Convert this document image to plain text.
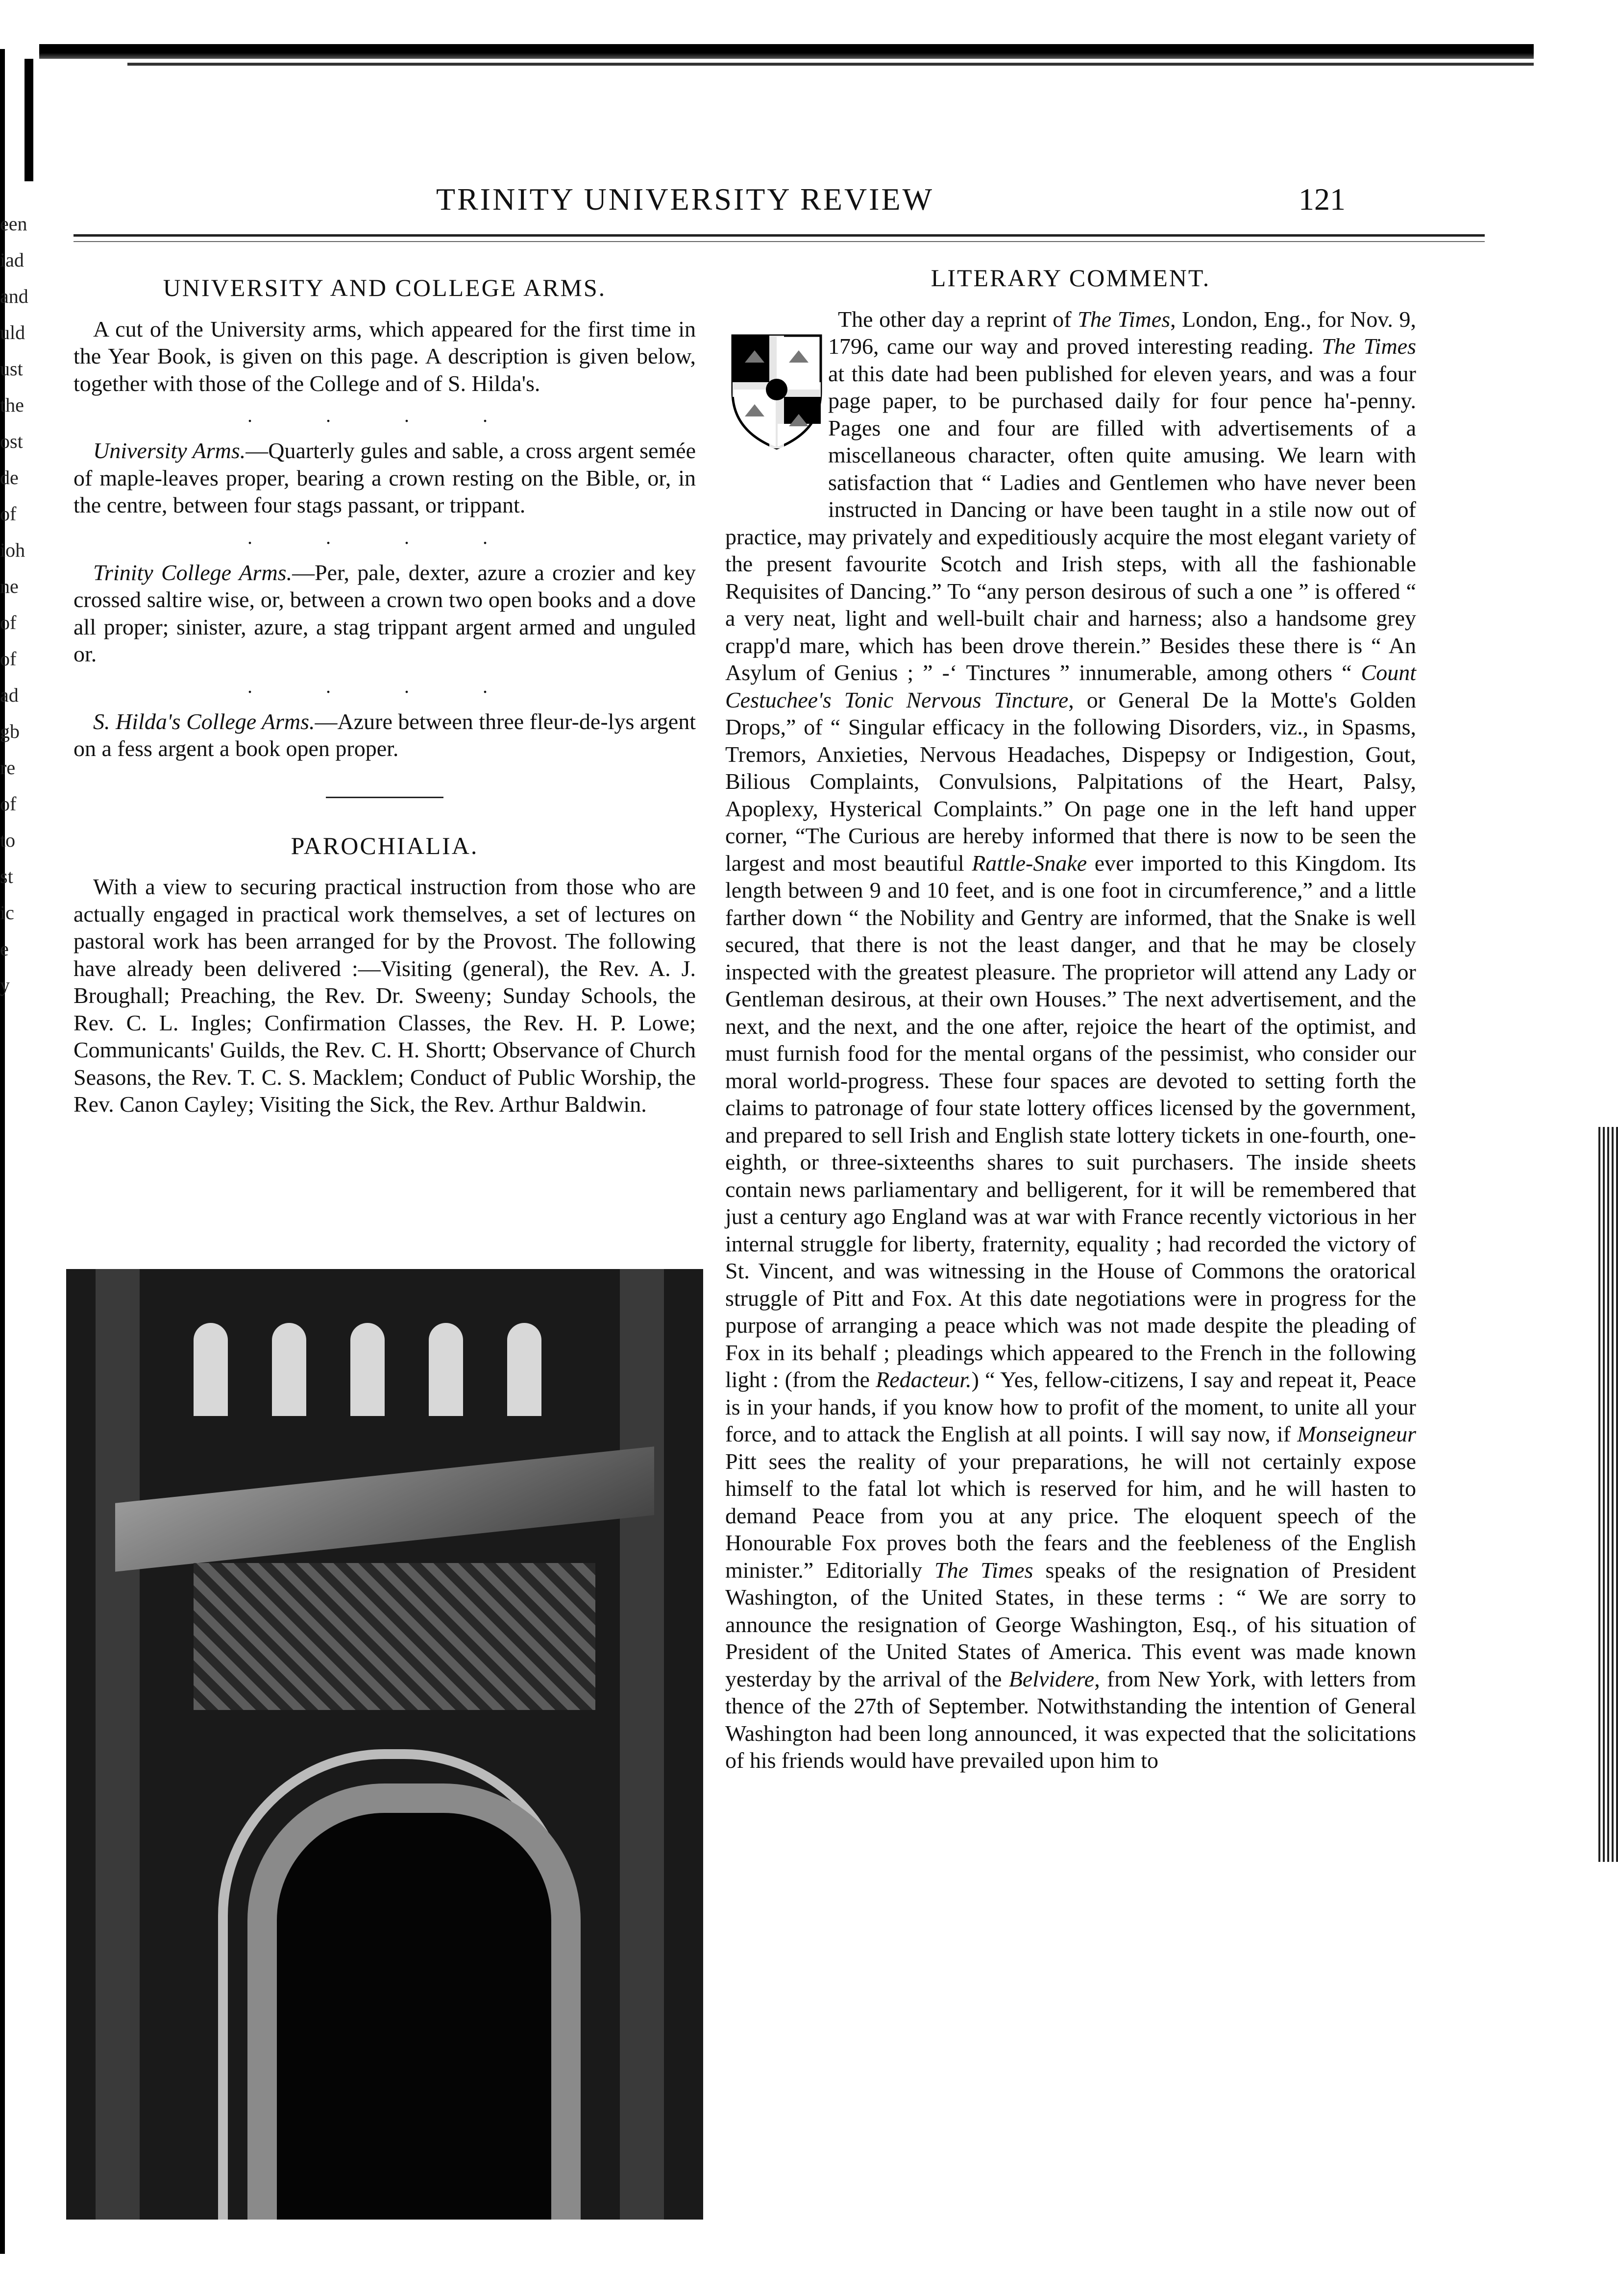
een
iad
and
uld
ust
the
ost
de
of
ioh
ne
of
of
ad
gb
re
of
to
st
ic
e
y
TRINITY UNIVERSITY REVIEW	121
UNIVERSITY AND COLLEGE ARMS.

A cut of the University arms, which appeared for the first time in the Year Book, is given on this page. A description is given below, together with those of the College and of S. Hilda's.

. . . .

University Arms.—Quarterly gules and sable, a cross argent semée of maple-leaves proper, bearing a crown resting on the Bible, or, in the centre, between four stags passant, or trippant.

. . . .

Trinity College Arms.—Per, pale, dexter, azure a crozier and key crossed saltire wise, or, between a crown two open books and a dove all proper; sinister, azure, a stag trippant argent armed and unguled or.

. . . .

S. Hilda's College Arms.—Azure between three fleur-de-lys argent on a fess argent a book open proper.

PAROCHIALIA.

With a view to securing practical instruction from those who are actually engaged in practical work themselves, a set of lectures on pastoral work has been arranged for by the Provost. The following have already been delivered :—Visiting (general), the Rev. A. J. Broughall; Preaching, the Rev. Dr. Sweeny; Sunday Schools, the Rev. C. L. Ingles; Confirmation Classes, the Rev. H. P. Lowe; Communicants' Guilds, the Rev. C. H. Shortt; Observance of Church Seasons, the Rev. T. C. S. Macklem; Conduct of Public Worship, the Rev. Canon Cayley; Visiting the Sick, the Rev. Arthur Baldwin.

LITERARY COMMENT.

The other day a reprint of The Times, London, Eng., for Nov. 9, 1796, came our way and proved interesting reading. The Times at this date had been published for eleven years, and was a four page paper, to be purchased daily for four pence ha'-penny. Pages one and four are filled with advertisements of a miscellaneous character, often quite amusing. We learn with satisfaction that “ Ladies and Gentlemen who have never been instructed in Dancing or have been taught in a stile now out of practice, may privately and expeditiously acquire the most elegant variety of the present favourite Scotch and Irish steps, with all the fashionable Requisites of Dancing.” To “any person desirous of such a one ” is offered “ a very neat, light and well-built chair and harness; also a handsome grey crapp'd mare, which has been drove therein.” Besides these there is “ An Asylum of Genius ; ” -‘ Tinctures ” innumerable, among others “ Count Cestuchee's Tonic Nervous Tincture, or General De la Motte's Golden Drops,” of “ Singular efficacy in the following Disorders, viz., in Spasms, Tremors, Anxieties, Nervous Headaches, Dispepsy or Indigestion, Gout, Bilious Complaints, Convulsions, Palpitations of the Heart, Palsy, Apoplexy, Hysterical Complaints.” On page one in the left hand upper corner, “The Curious are hereby informed that there is now to be seen the largest and most beautiful Rattle-Snake ever imported to this Kingdom. Its length between 9 and 10 feet, and is one foot in circumference,” and a little farther down “ the Nobility and Gentry are informed, that the Snake is well secured, that there is not the least danger, and that he may be closely inspected with the greatest pleasure. The proprietor will attend any Lady or Gentleman desirous, at their own Houses.” The next advertisement, and the next, and the next, and the one after, rejoice the heart of the optimist, and must furnish food for the mental organs of the pessimist, who consider our moral world-progress. These four spaces are devoted to setting forth the claims to patronage of four state lottery offices licensed by the government, and prepared to sell Irish and English state lottery tickets in one-fourth, one-eighth, or three-sixteenths shares to suit purchasers. The inside sheets contain news parliamentary and belligerent, for it will be remembered that just a century ago England was at war with France recently victorious in her internal struggle for liberty, fraternity, equality ; had recorded the victory of St. Vincent, and was witnessing in the House of Commons the oratorical struggle of Pitt and Fox. At this date negotiations were in progress for the purpose of arranging a peace which was not made despite the pleading of Fox in its behalf ; pleadings which appeared to the French in the following light : (from the Redacteur.) “ Yes, fellow-citizens, I say and repeat it, Peace is in your hands, if you know how to profit of the moment, to unite all your force, and to attack the English at all points. I will say now, if Monseigneur Pitt sees the reality of your preparations, he will not certainly expose himself to the fatal lot which is reserved for him, and he will hasten to demand Peace from you at any price. The eloquent speech of the Honourable Fox proves both the fears and the feebleness of the English minister.” Editorially The Times speaks of the resignation of President Washington, of the United States, in these terms : “ We are sorry to announce the resignation of George Washington, Esq., of his situation of President of the United States of America. This event was made known yesterday by the arrival of the Belvidere, from New York, with letters from thence of the 27th of September. Notwithstanding the intention of General Washington had been long announced, it was expected that the solicitations of his friends would have prevailed upon him to
